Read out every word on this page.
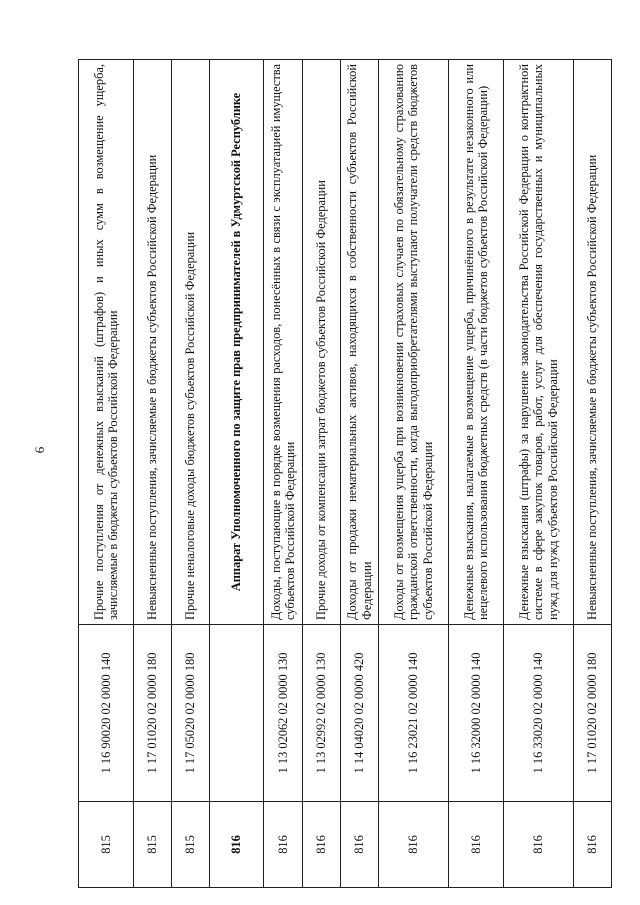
6
815	1 16 90020 02 0000 140	Прочие поступления от денежных взысканий (штрафов) и иных сумм в возмещение ущерба, зачисляемые в бюджеты субъектов Российской Федерации
815	1 17 01020 02 0000 180	Невыясненные поступления, зачисляемые в бюджеты субъектов Российской Федерации
815	1 17 05020 02 0000 180	Прочие неналоговые доходы бюджетов субъектов Российской Федерации
816		Аппарат Уполномоченного по защите прав предпринимателей в Удмуртской Республике
816	1 13 02062 02 0000 130	Доходы, поступающие в порядке возмещения расходов, понесённых в связи с эксплуатацией имущества субъектов Российской Федерации
816	1 13 02992 02 0000 130	Прочие доходы от компенсации затрат бюджетов субъектов Российской Федерации
816	1 14 04020 02 0000 420	Доходы от продажи нематериальных активов, находящихся в собственности субъектов Российской Федерации
816	1 16 23021 02 0000 140	Доходы от возмещения ущерба при возникновении страховых случаев по обязательному страхованию гражданской ответственности, когда выгодоприобретателями выступают получатели средств бюджетов субъектов Российской Федерации
816	1 16 32000 02 0000 140	Денежные взыскания, налагаемые в возмещение ущерба, причинённого в результате незаконного или нецелевого использования бюджетных средств (в части бюджетов субъектов Российской Федерации)
816	1 16 33020 02 0000 140	Денежные взыскания (штрафы) за нарушение законодательства Российской Федерации о контрактной системе в сфере закупок товаров, работ, услуг для обеспечения государственных и муниципальных нужд для нужд субъектов Российской Федерации
816	1 17 01020 02 0000 180	Невыясненные поступления, зачисляемые в бюджеты субъектов Российской Федерации
